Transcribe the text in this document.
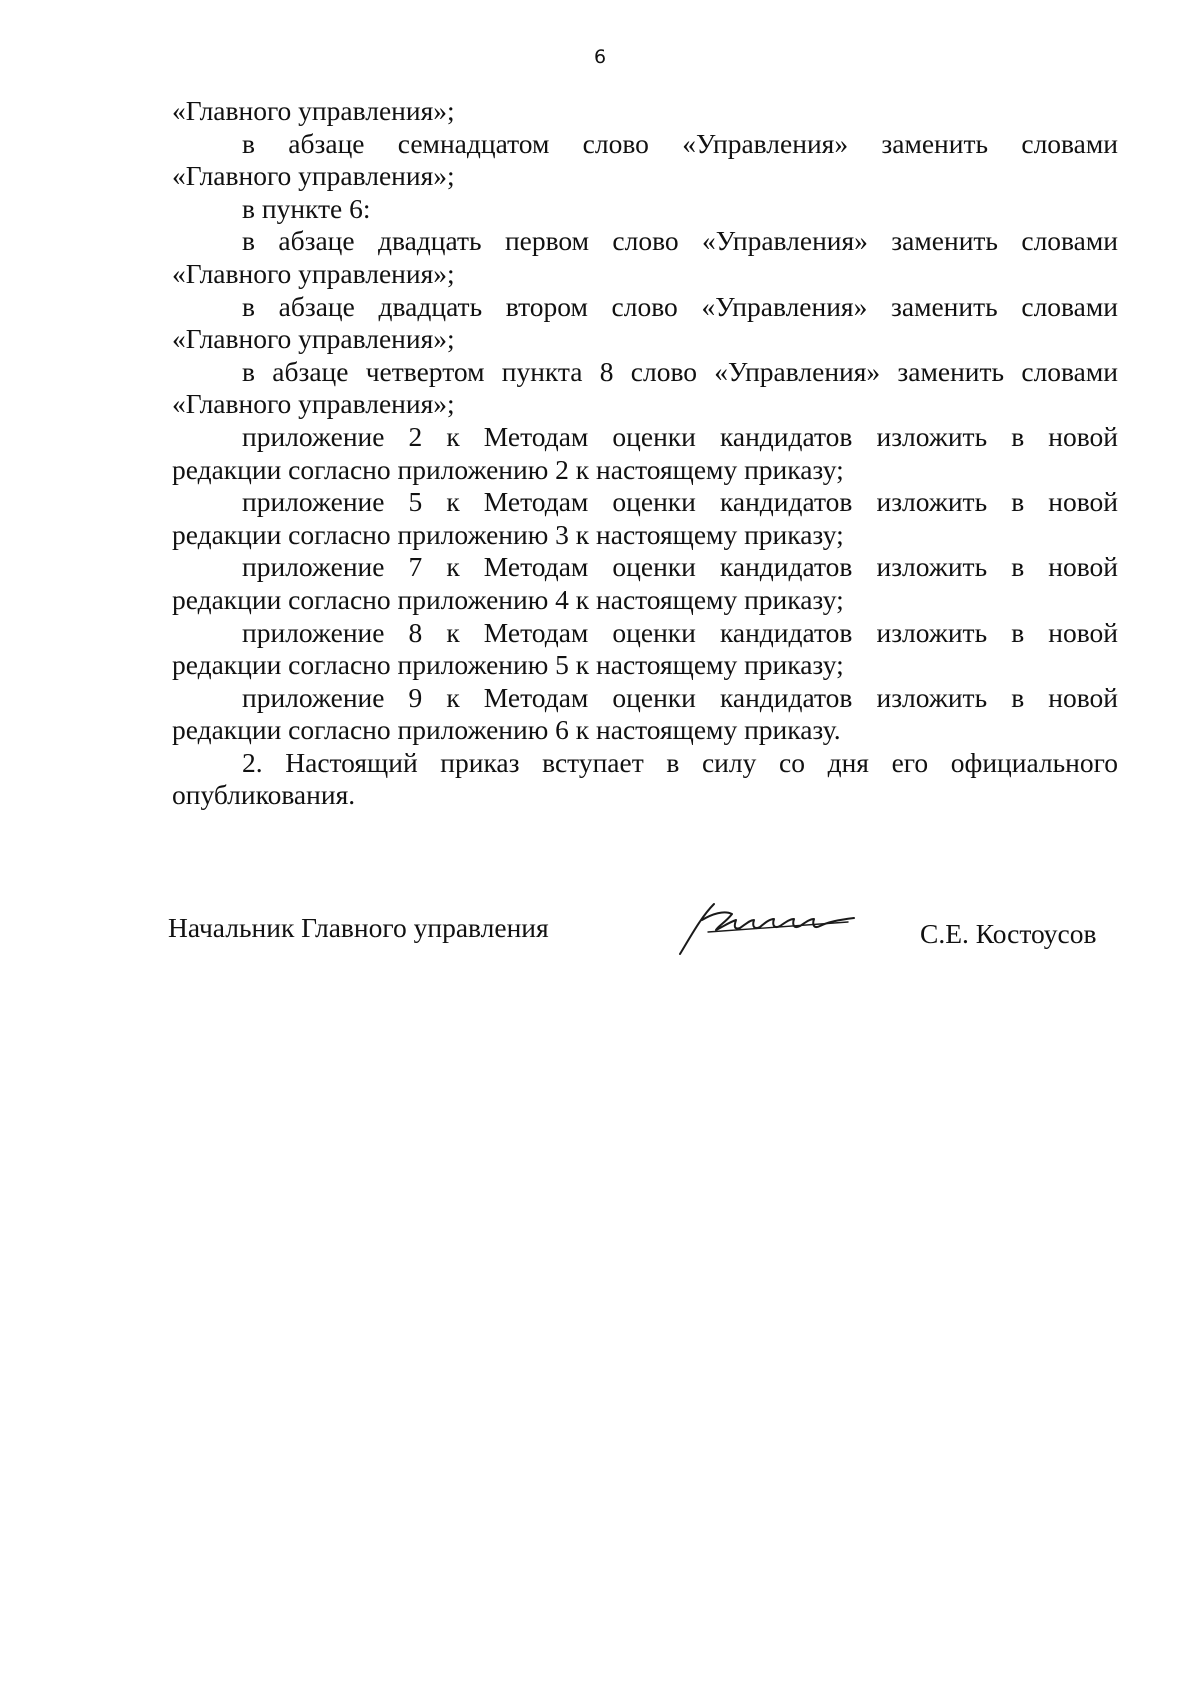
6
«Главного управления»;
в абзаце семнадцатом слово «Управления» заменить словами
«Главного управления»;
в пункте 6:
в абзаце двадцать первом слово «Управления» заменить словами
«Главного управления»;
в абзаце двадцать втором слово «Управления» заменить словами
«Главного управления»;
в абзаце четвертом пункта 8 слово «Управления» заменить словами
«Главного управления»;
приложение 2 к Методам оценки кандидатов изложить в новой
редакции согласно приложению 2 к настоящему приказу;
приложение 5 к Методам оценки кандидатов изложить в новой
редакции согласно приложению 3 к настоящему приказу;
приложение 7 к Методам оценки кандидатов изложить в новой
редакции согласно приложению 4 к настоящему приказу;
приложение 8 к Методам оценки кандидатов изложить в новой
редакции согласно приложению 5 к настоящему приказу;
приложение 9 к Методам оценки кандидатов изложить в новой
редакции согласно приложению 6 к настоящему приказу.
2. Настоящий приказ вступает в силу со дня его официального
опубликования.
Начальник Главного управления	С.Е. Костоусов
